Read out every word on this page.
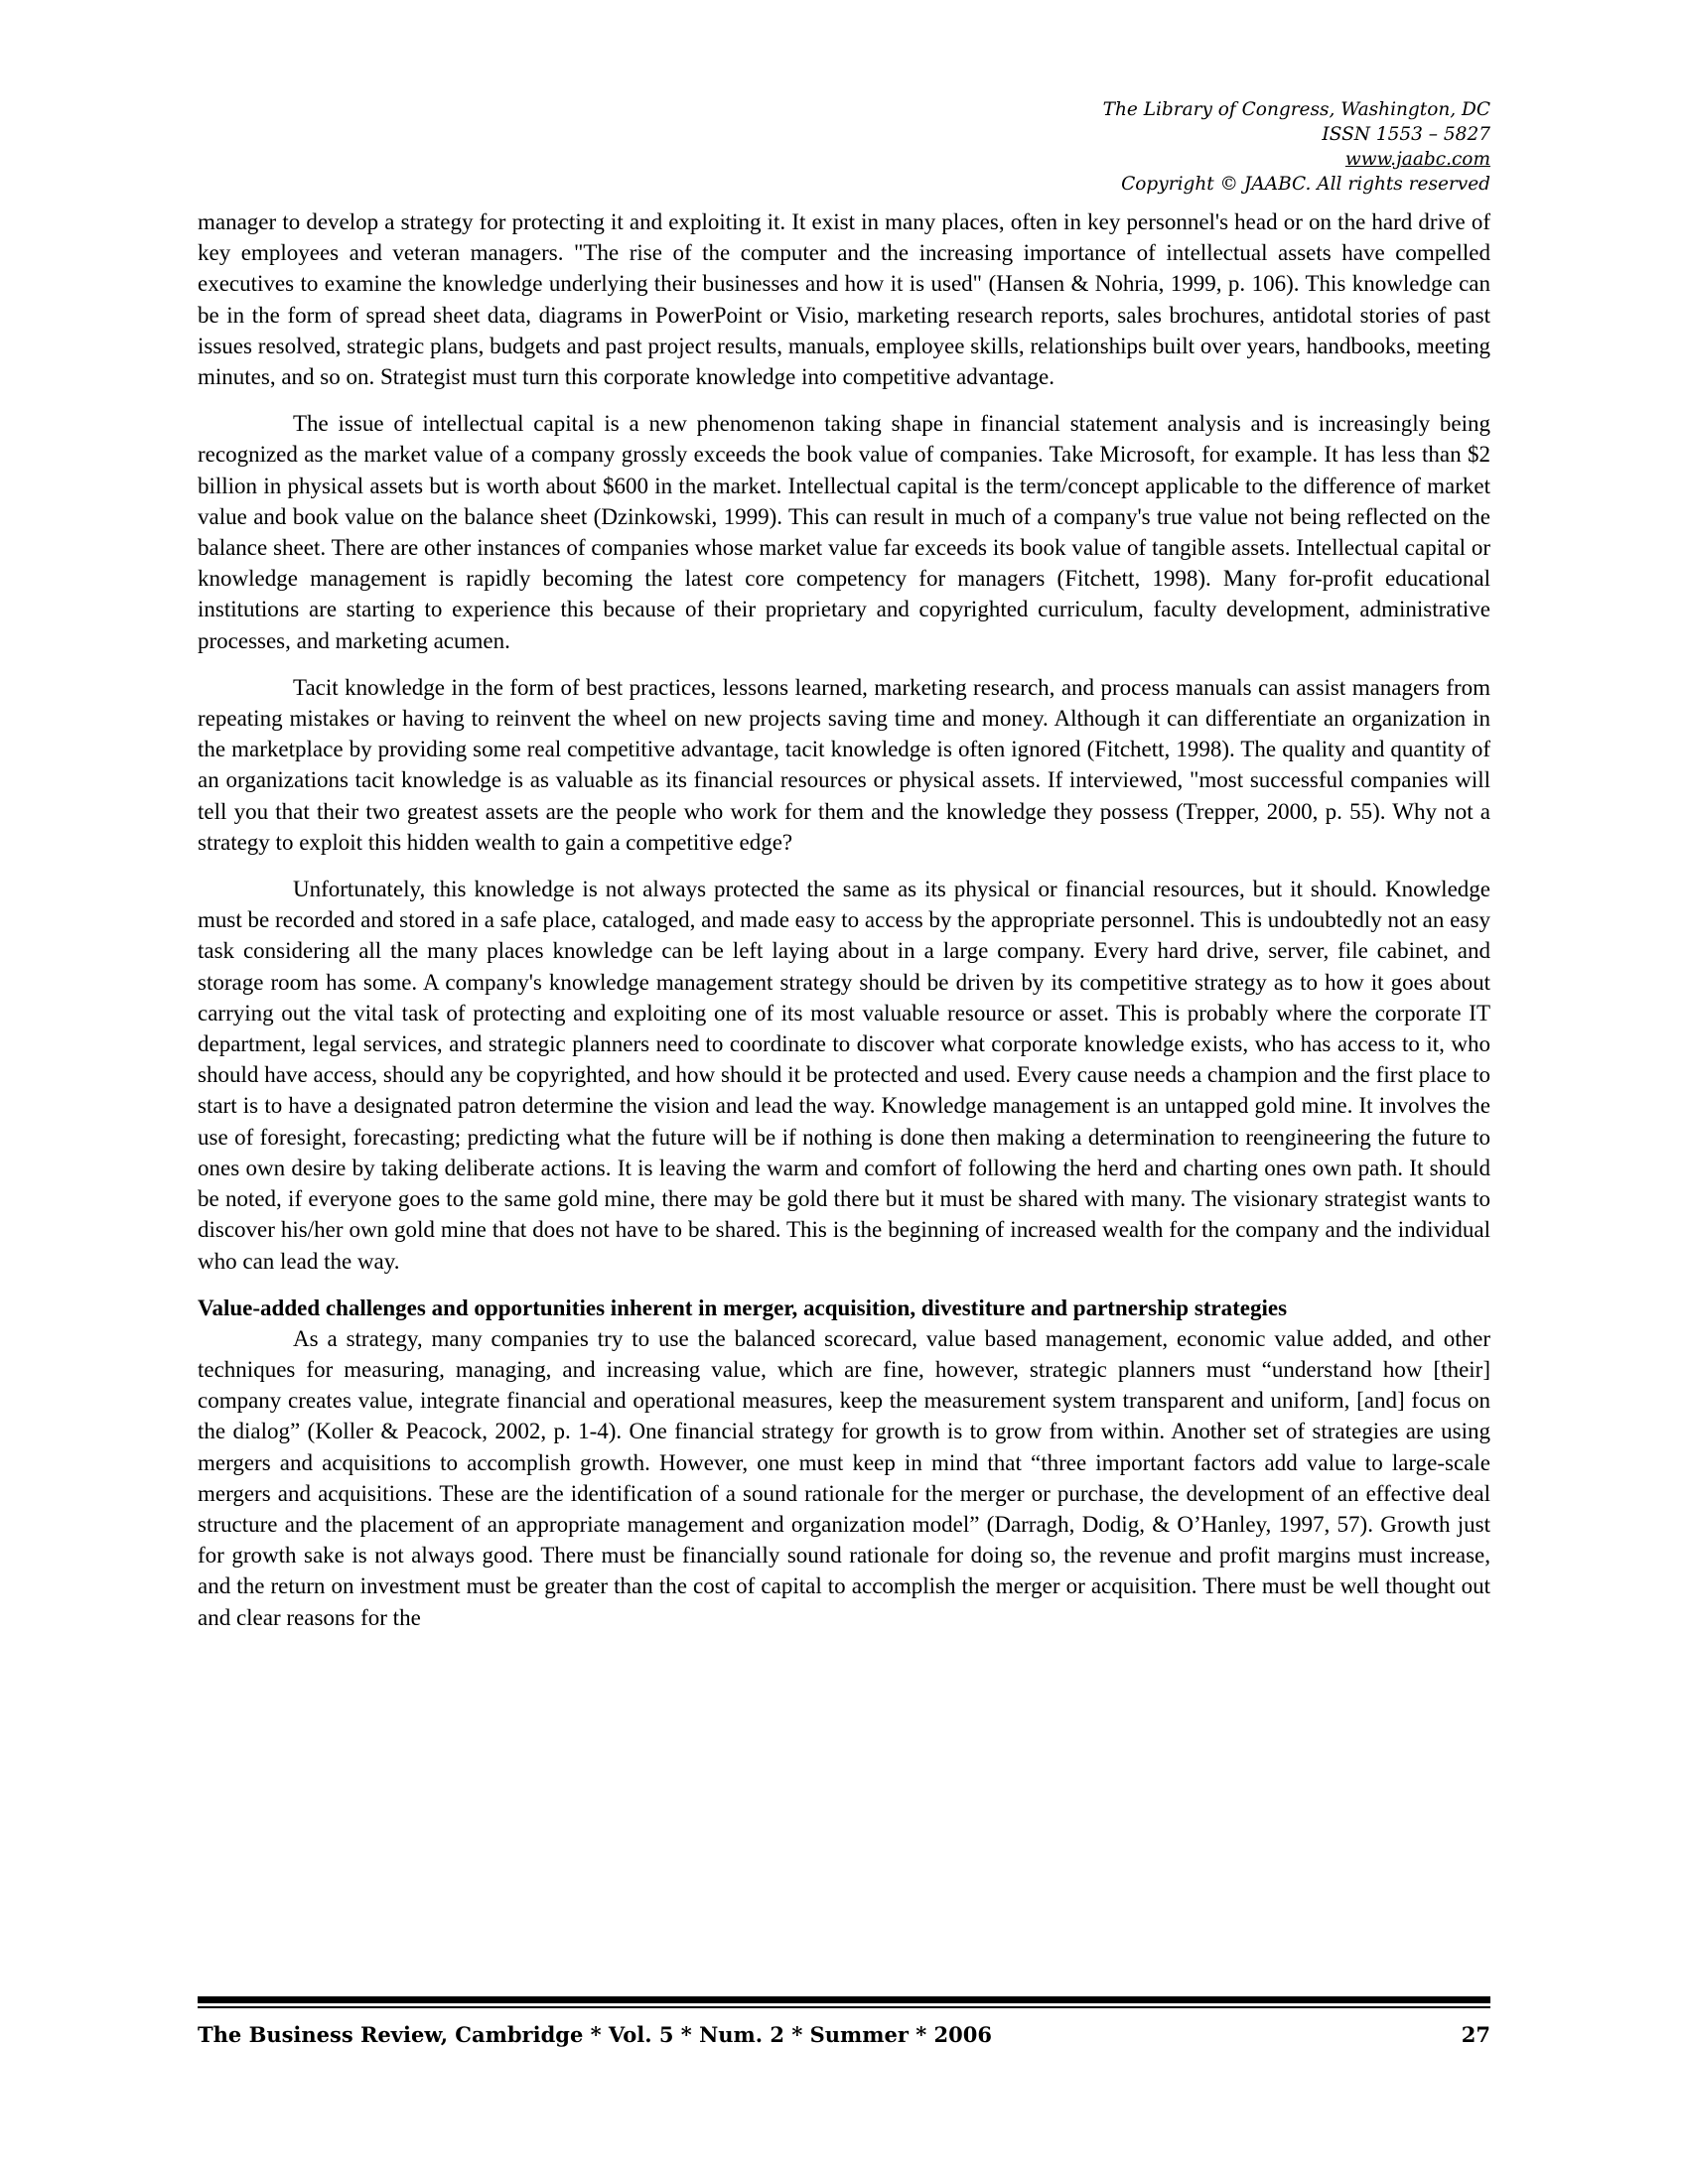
The Library of Congress, Washington, DC
ISSN 1553 – 5827
www.jaabc.com
Copyright © JAABC. All rights reserved

manager to develop a strategy for protecting it and exploiting it. It exist in many places, often in key personnel's head or on the hard drive of key employees and veteran managers. "The rise of the computer and the increasing importance of intellectual assets have compelled executives to examine the knowledge underlying their businesses and how it is used" (Hansen & Nohria, 1999, p. 106). This knowledge can be in the form of spread sheet data, diagrams in PowerPoint or Visio, marketing research reports, sales brochures, antidotal stories of past issues resolved, strategic plans, budgets and past project results, manuals, employee skills, relationships built over years, handbooks, meeting minutes, and so on. Strategist must turn this corporate knowledge into competitive advantage.

The issue of intellectual capital is a new phenomenon taking shape in financial statement analysis and is increasingly being recognized as the market value of a company grossly exceeds the book value of companies. Take Microsoft, for example. It has less than $2 billion in physical assets but is worth about $600 in the market. Intellectual capital is the term/concept applicable to the difference of market value and book value on the balance sheet (Dzinkowski, 1999). This can result in much of a company's true value not being reflected on the balance sheet. There are other instances of companies whose market value far exceeds its book value of tangible assets. Intellectual capital or knowledge management is rapidly becoming the latest core competency for managers (Fitchett, 1998). Many for-profit educational institutions are starting to experience this because of their proprietary and copyrighted curriculum, faculty development, administrative processes, and marketing acumen.

Tacit knowledge in the form of best practices, lessons learned, marketing research, and process manuals can assist managers from repeating mistakes or having to reinvent the wheel on new projects saving time and money. Although it can differentiate an organization in the marketplace by providing some real competitive advantage, tacit knowledge is often ignored (Fitchett, 1998). The quality and quantity of an organizations tacit knowledge is as valuable as its financial resources or physical assets. If interviewed, "most successful companies will tell you that their two greatest assets are the people who work for them and the knowledge they possess (Trepper, 2000, p. 55). Why not a strategy to exploit this hidden wealth to gain a competitive edge?

Unfortunately, this knowledge is not always protected the same as its physical or financial resources, but it should. Knowledge must be recorded and stored in a safe place, cataloged, and made easy to access by the appropriate personnel. This is undoubtedly not an easy task considering all the many places knowledge can be left laying about in a large company. Every hard drive, server, file cabinet, and storage room has some. A company's knowledge management strategy should be driven by its competitive strategy as to how it goes about carrying out the vital task of protecting and exploiting one of its most valuable resource or asset. This is probably where the corporate IT department, legal services, and strategic planners need to coordinate to discover what corporate knowledge exists, who has access to it, who should have access, should any be copyrighted, and how should it be protected and used. Every cause needs a champion and the first place to start is to have a designated patron determine the vision and lead the way. Knowledge management is an untapped gold mine. It involves the use of foresight, forecasting; predicting what the future will be if nothing is done then making a determination to reengineering the future to ones own desire by taking deliberate actions. It is leaving the warm and comfort of following the herd and charting ones own path. It should be noted, if everyone goes to the same gold mine, there may be gold there but it must be shared with many. The visionary strategist wants to discover his/her own gold mine that does not have to be shared. This is the beginning of increased wealth for the company and the individual who can lead the way.

Value-added challenges and opportunities inherent in merger, acquisition, divestiture and partnership strategies

As a strategy, many companies try to use the balanced scorecard, value based management, economic value added, and other techniques for measuring, managing, and increasing value, which are fine, however, strategic planners must “understand how [their] company creates value, integrate financial and operational measures, keep the measurement system transparent and uniform, [and] focus on the dialog” (Koller & Peacock, 2002, p. 1-4). One financial strategy for growth is to grow from within. Another set of strategies are using mergers and acquisitions to accomplish growth. However, one must keep in mind that “three important factors add value to large-scale mergers and acquisitions. These are the identification of a sound rationale for the merger or purchase, the development of an effective deal structure and the placement of an appropriate management and organization model” (Darragh, Dodig, & O’Hanley, 1997, 57). Growth just for growth sake is not always good. There must be financially sound rationale for doing so, the revenue and profit margins must increase, and the return on investment must be greater than the cost of capital to accomplish the merger or acquisition. There must be well thought out and clear reasons for the

The Business Review, Cambridge * Vol. 5 * Num. 2 * Summer * 2006	27
